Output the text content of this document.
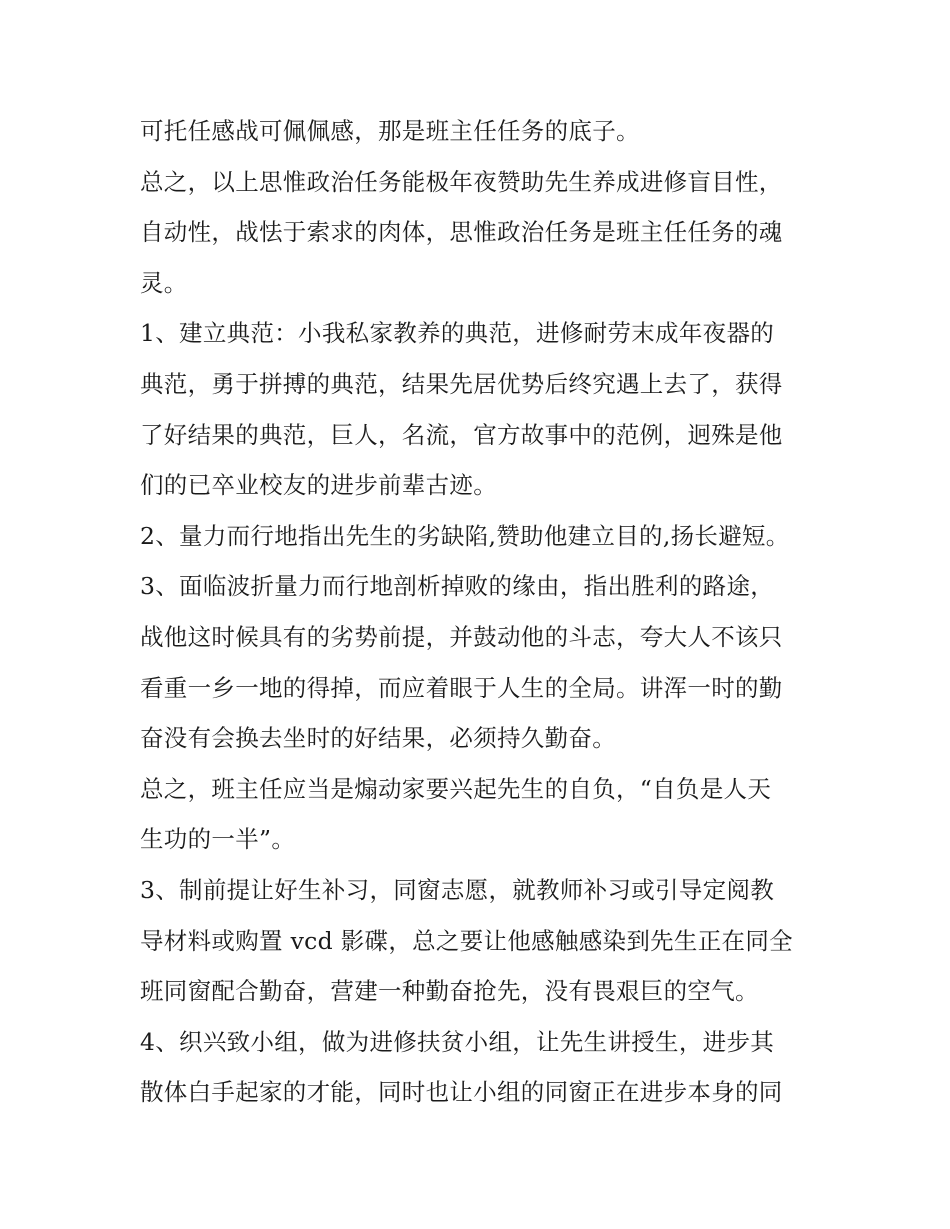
可托任感战可佩佩感，那是班主任任务的底子。
总之，以上思惟政治任务能极年夜赞助先生养成进修盲目性，
自动性，战怯于索求的肉体，思惟政治任务是班主任任务的魂
灵。
1、建立典范：小我私家教养的典范，进修耐劳末成年夜器的
典范，勇于拼搏的典范，结果先居优势后终究遇上去了，获得
了好结果的典范，巨人，名流，官方故事中的范例，迥殊是他
们的已卒业校友的进步前辈古迹。
2、量力而行地指出先生的劣缺陷,赞助他建立目的,扬长避短。
3、面临波折量力而行地剖析掉败的缘由，指出胜利的路途，
战他这时候具有的劣势前提，并鼓动他的斗志，夸大人不该只
看重一乡一地的得掉，而应着眼于人生的全局。讲浑一时的勤
奋没有会换去坐时的好结果，必须持久勤奋。
总之，班主任应当是煽动家要兴起先生的自负，“自负是人天
生功的一半”。
3、制前提让好生补习，同窗志愿，就教师补习或引导定阅教
导材料或购置 vcd 影碟，总之要让他感触感染到先生正在同全
班同窗配合勤奋，营建一种勤奋抢先，没有畏艰巨的空气。
4、织兴致小组，做为进修扶贫小组，让先生讲授生，进步其
散体白手起家的才能，同时也让小组的同窗正在进步本身的同
